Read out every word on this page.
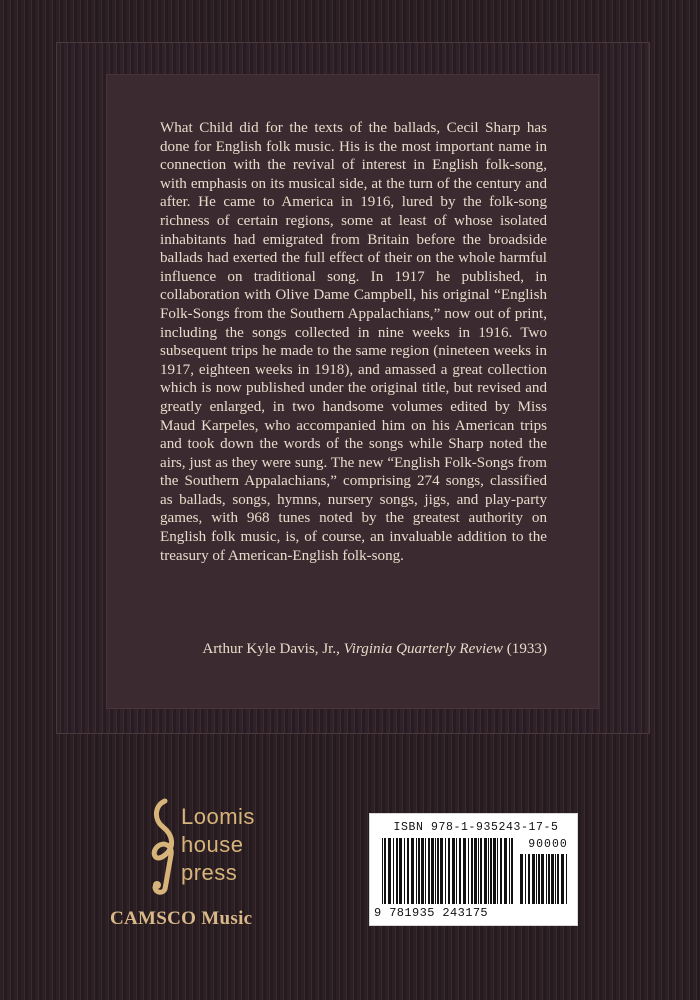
What Child did for the texts of the ballads, Cecil Sharp has done for English folk music. His is the most important name in connection with the revival of interest in English folk-song, with emphasis on its musical side, at the turn of the century and after. He came to America in 1916, lured by the folk-song richness of certain regions, some at least of whose isolated inhabitants had emigrated from Britain before the broadside ballads had exerted the full effect of their on the whole harmful influence on traditional song. In 1917 he published, in collaboration with Olive Dame Campbell, his original “English Folk-Songs from the Southern Appalachians,” now out of print, including the songs collected in nine weeks in 1916. Two subsequent trips he made to the same region (nineteen weeks in 1917, eighteen weeks in 1918), and amassed a great collection which is now published under the original title, but revised and greatly enlarged, in two handsome volumes edited by Miss Maud Karpeles, who accompanied him on his American trips and took down the words of the songs while Sharp noted the airs, just as they were sung. The new “English Folk-Songs from the Southern Appalachians,” comprising 274 songs, classified as ballads, songs, hymns, nursery songs, jigs, and play-party games, with 968 tunes noted by the greatest authority on English folk music, is, of course, an invaluable addition to the treasury of American-English folk-song.

Arthur Kyle Davis, Jr., Virginia Quarterly Review (1933)
Loomis
house
press
CAMSCO Music
ISBN 978-1-935243-17-5
90000
9 781935 243175
